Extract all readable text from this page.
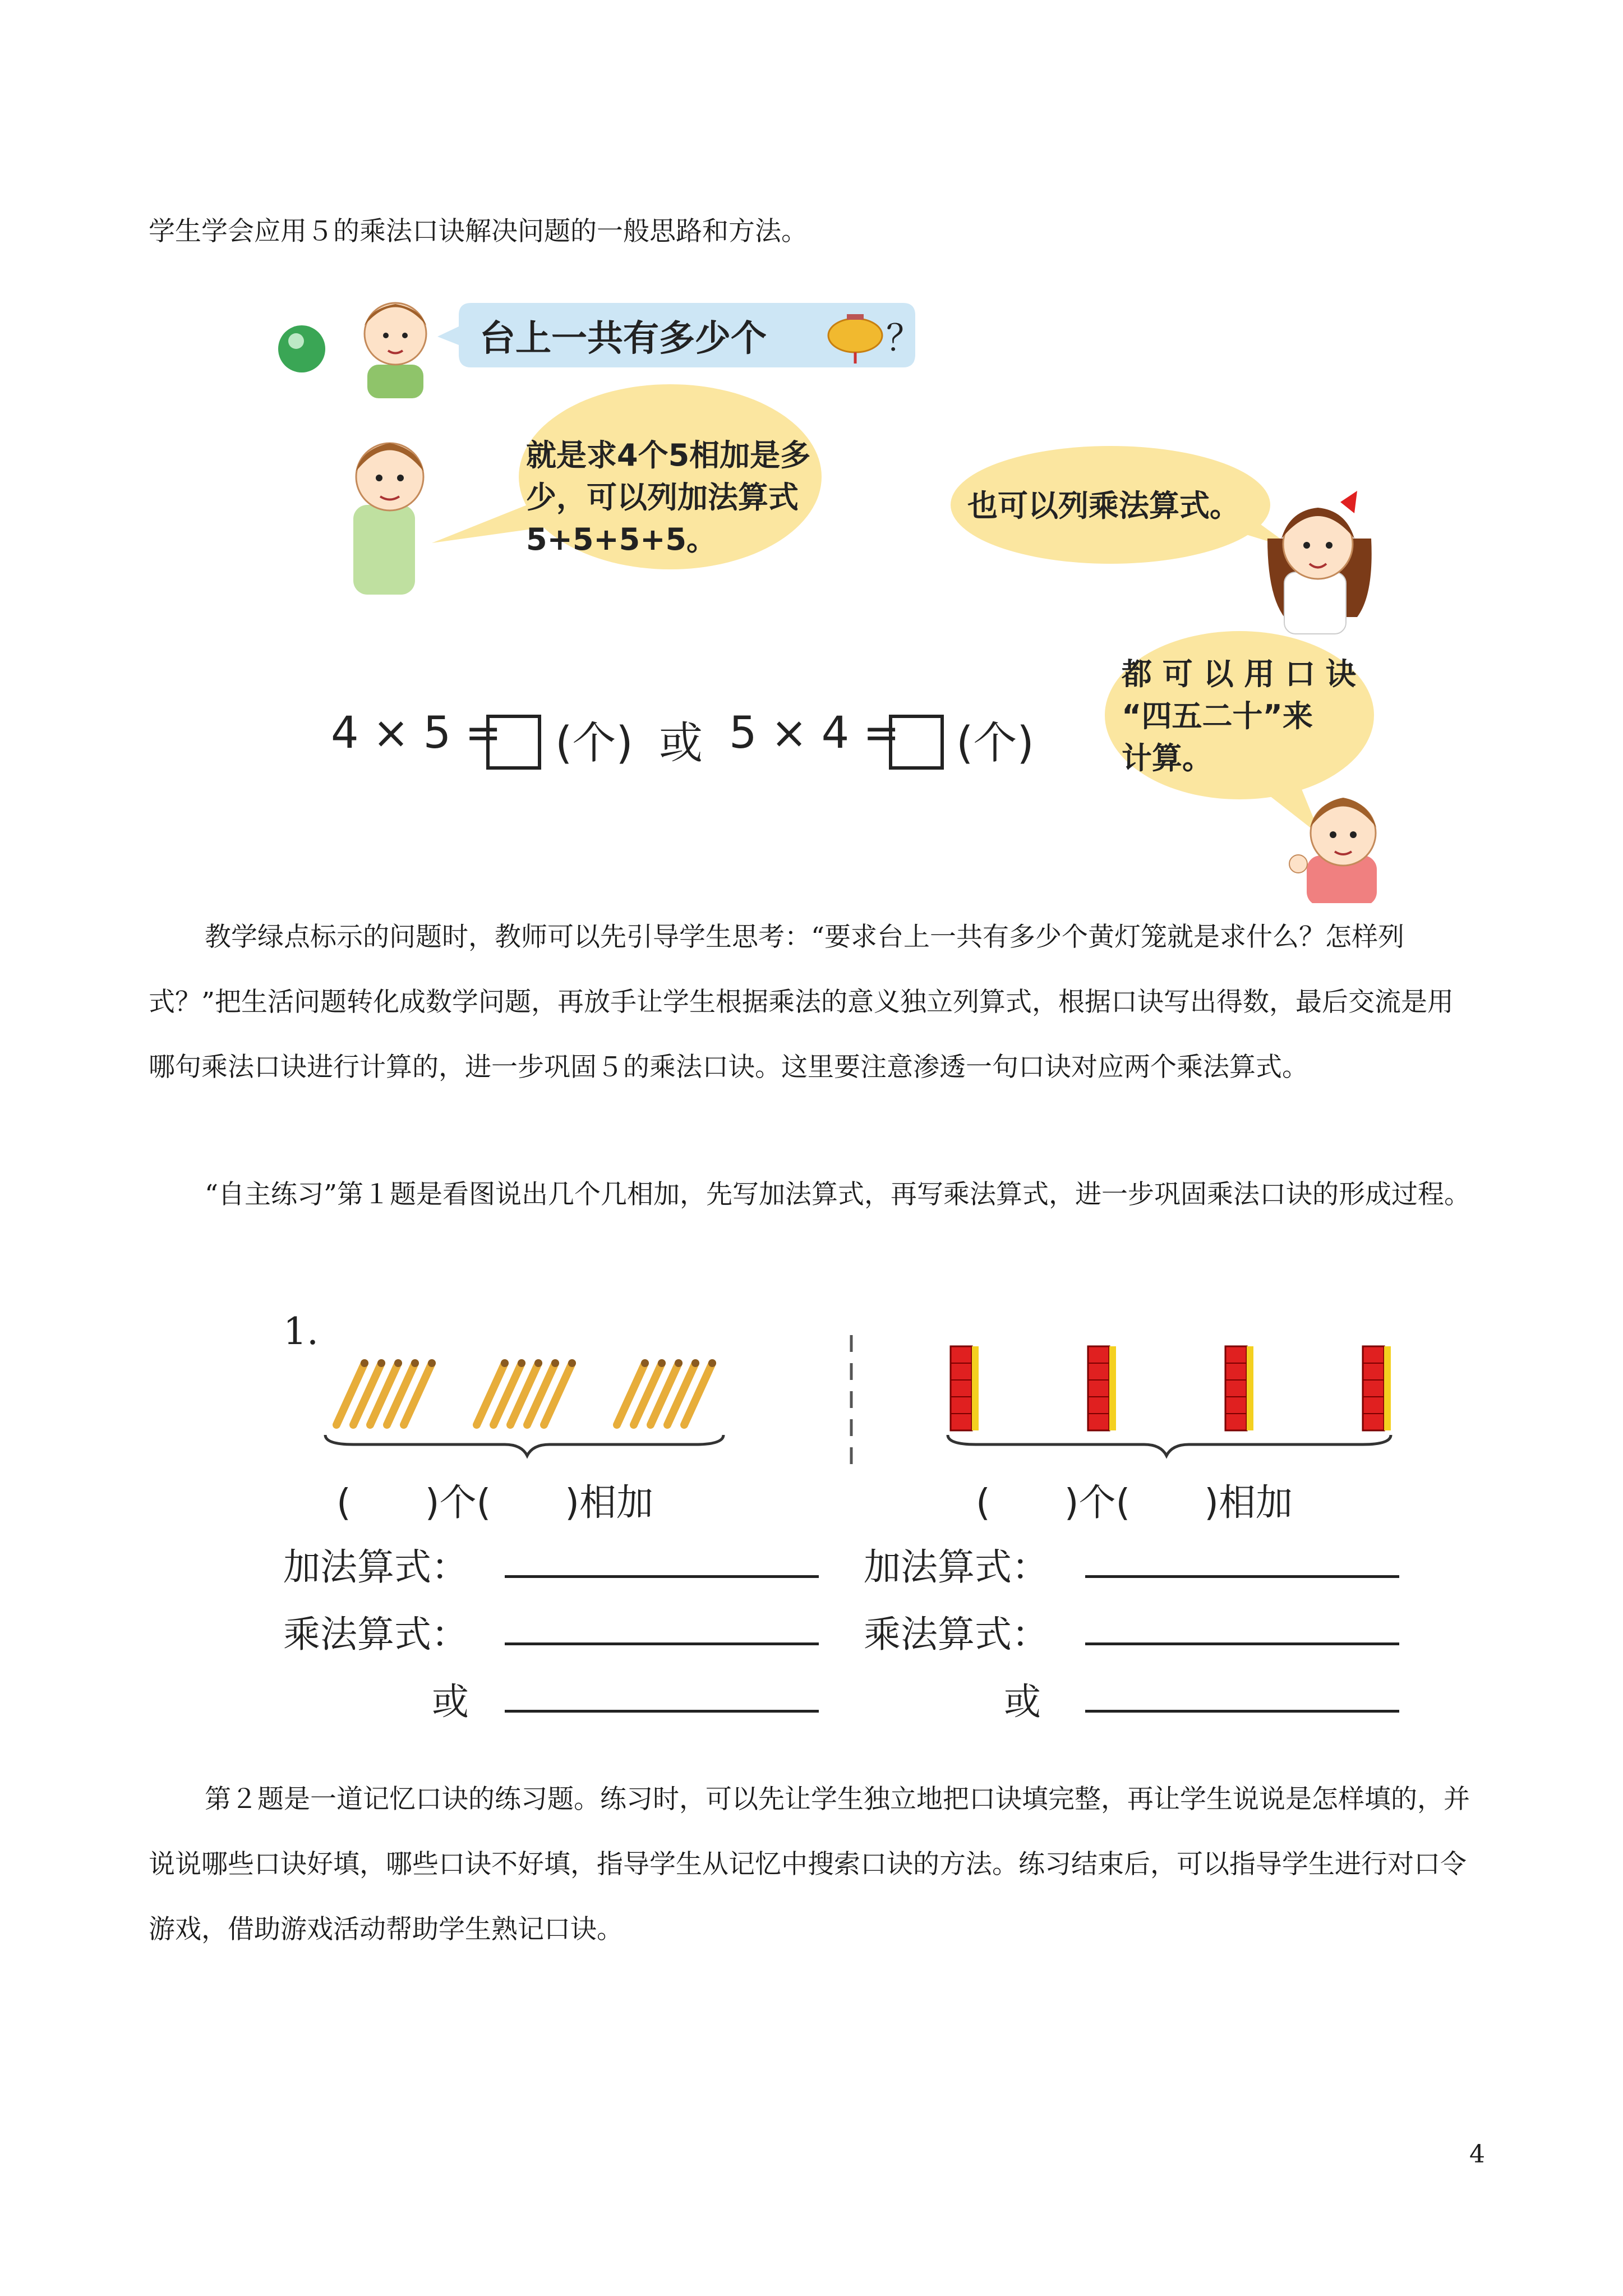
学生学会应用５的乘法口诀解决问题的一般思路和方法。

台上一共有多少个	？
就是求4个5相加是多
少，可以列加法算式
5+5+5+5。
也可以列乘法算式。
都 可 以 用 口 诀
“四五二十”来
计算。
4 × 5 = (个) 或 5 × 4 = (个)

教学绿点标示的问题时，教师可以先引导学生思考：“要求台上一共有多少个黄灯笼就是求什么？怎样列式？”把生活问题转化成数学问题，再放手让学生根据乘法的意义独立列算式，根据口诀写出得数，最后交流是用哪句乘法口诀进行计算的，进一步巩固５的乘法口诀。这里要注意渗透一句口诀对应两个乘法算式。

“自主练习”第１题是看图说出几个几相加，先写加法算式，再写乘法算式，进一步巩固乘法口诀的形成过程。

1.
(　　)个(　　)相加
加法算式：
乘法算式：
或
(　　)个(　　)相加
加法算式：
乘法算式：
或

第２题是一道记忆口诀的练习题。练习时，可以先让学生独立地把口诀填完整，再让学生说说是怎样填的，并说说哪些口诀好填，哪些口诀不好填，指导学生从记忆中搜索口诀的方法。练习结束后，可以指导学生进行对口令游戏，借助游戏活动帮助学生熟记口诀。

4
